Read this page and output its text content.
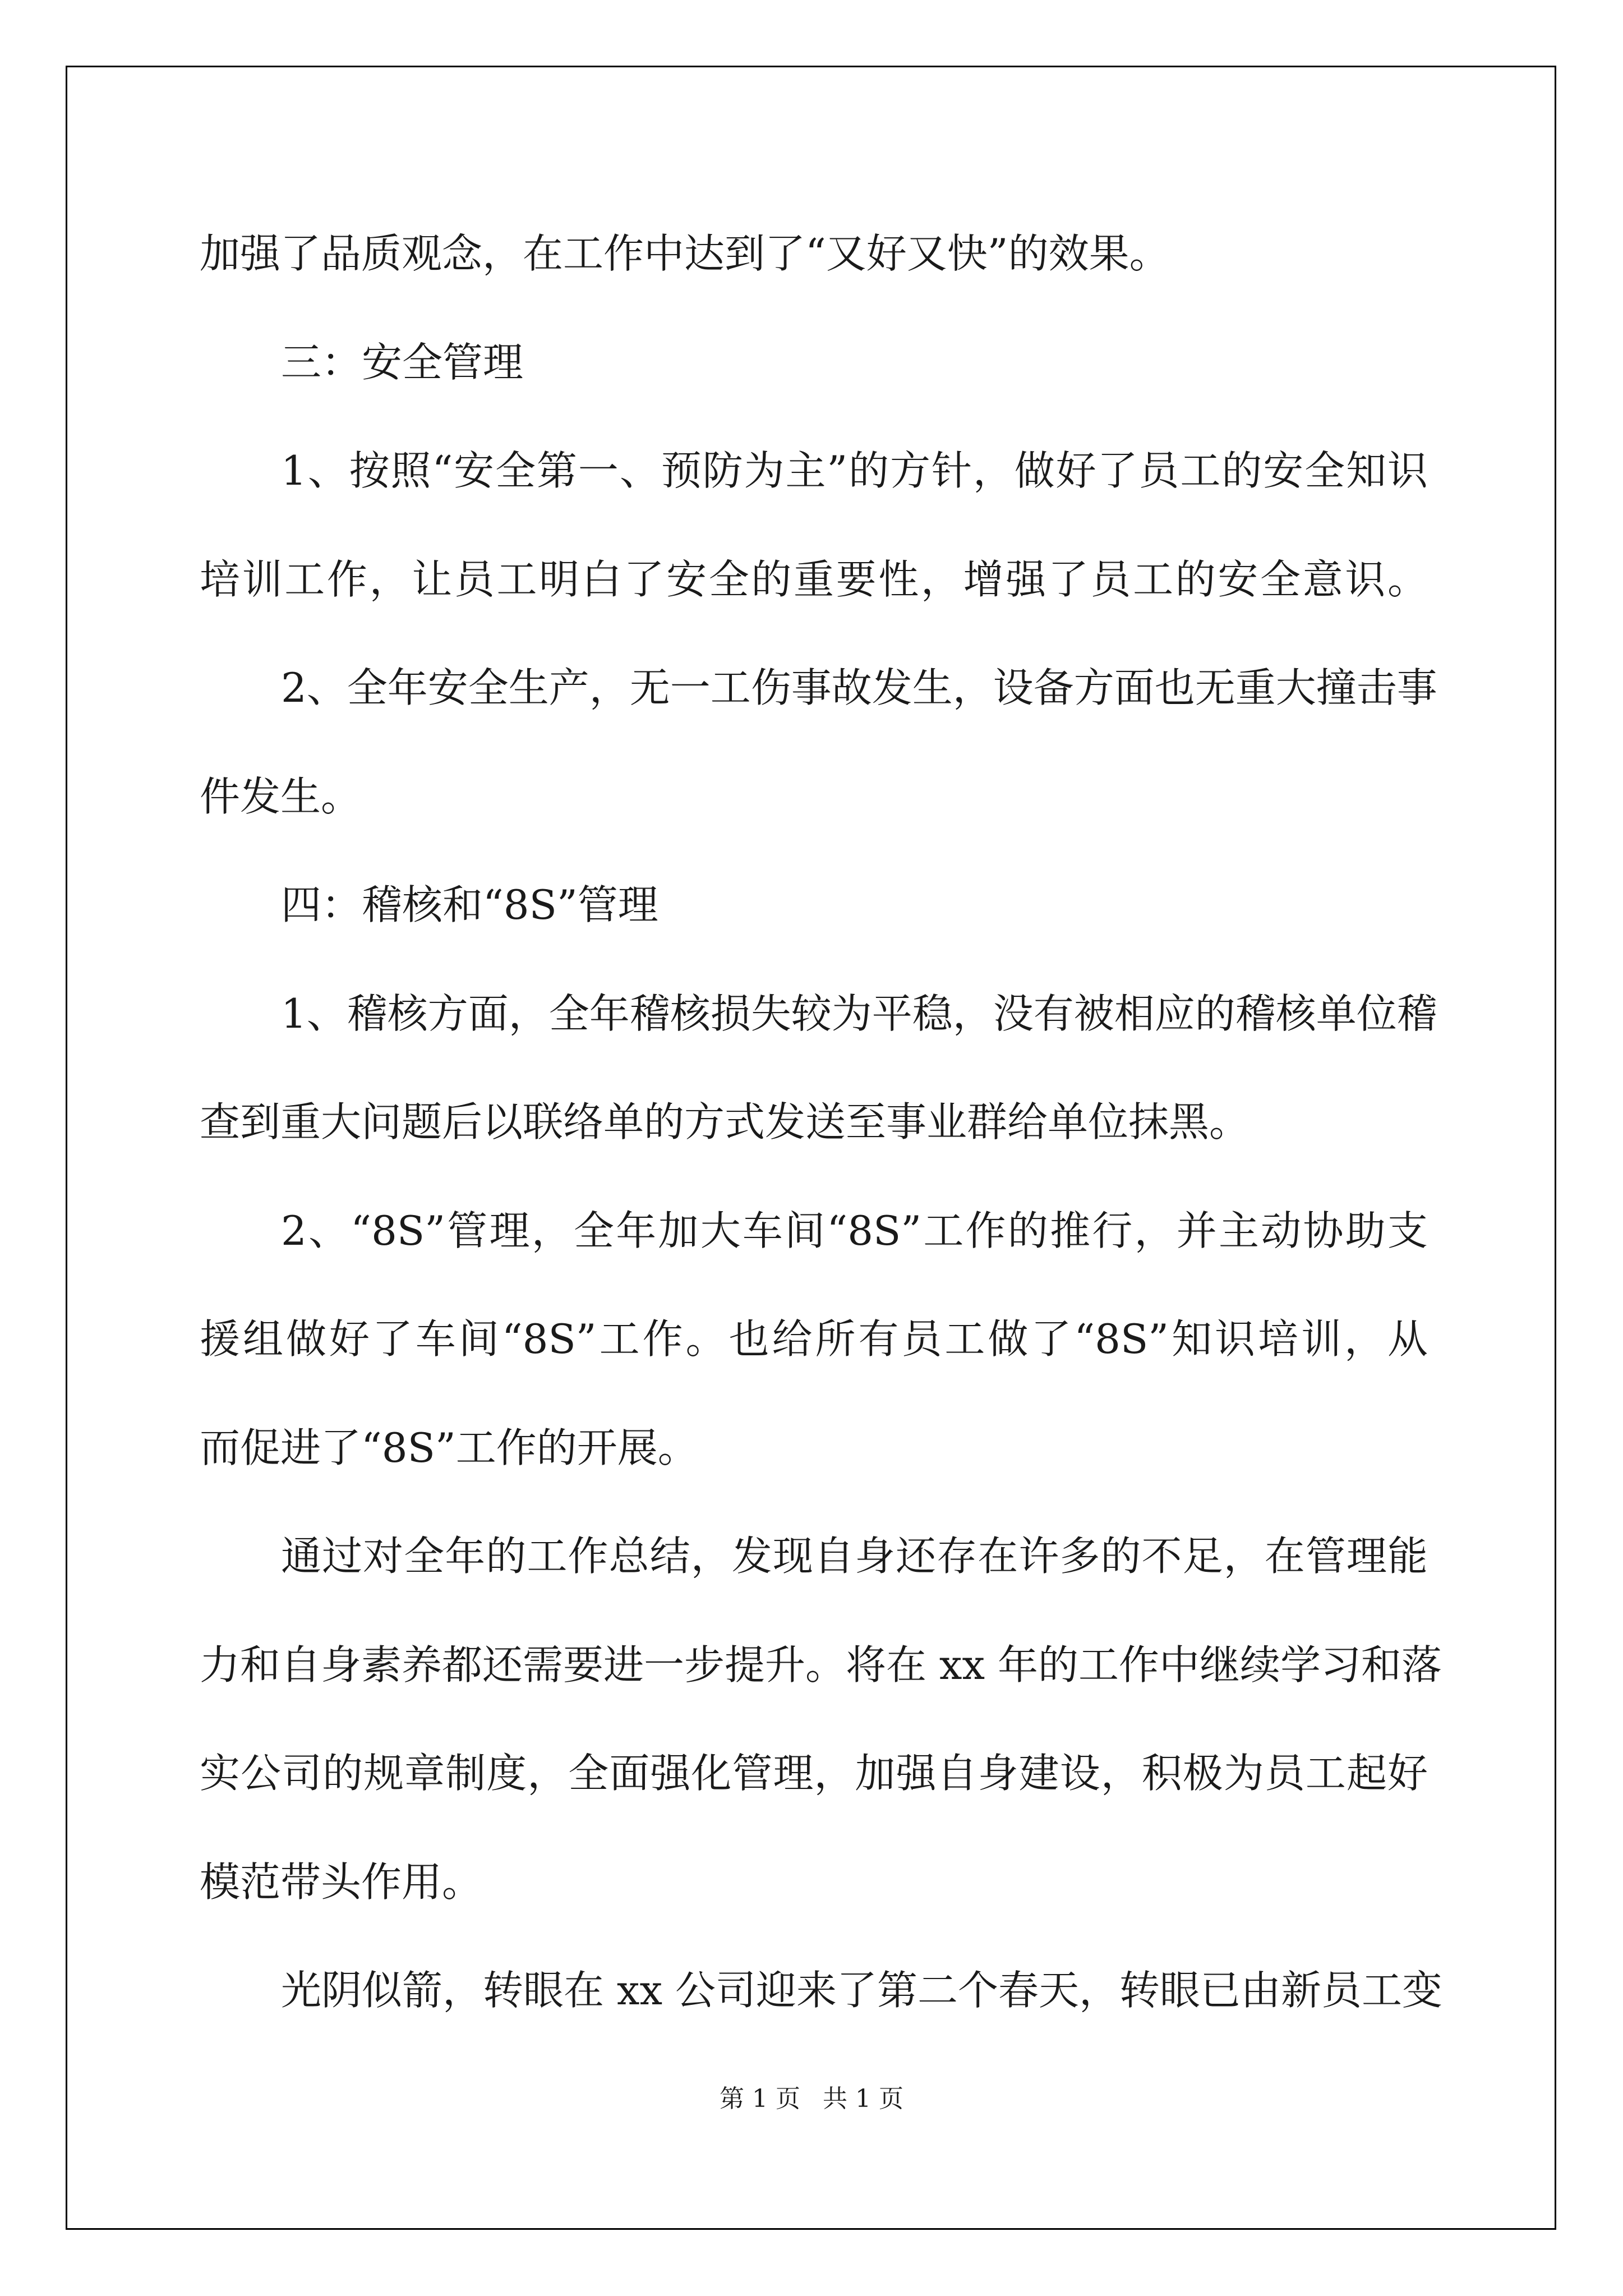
加强了品质观念，在工作中达到了“又好又快”的效果。
三：安全管理
1、按照“安全第一、预防为主”的方针，做好了员工的安全知识
培训工作，让员工明白了安全的重要性，增强了员工的安全意识。
2、全年安全生产，无一工伤事故发生，设备方面也无重大撞击事
件发生。
四：稽核和“8S”管理
1、稽核方面，全年稽核损失较为平稳，没有被相应的稽核单位稽
查到重大问题后以联络单的方式发送至事业群给单位抹黑。
2、“8S”管理，全年加大车间“8S”工作的推行，并主动协助支
援组做好了车间“8S”工作。也给所有员工做了“8S”知识培训，从
而促进了“8S”工作的开展。
通过对全年的工作总结，发现自身还存在许多的不足，在管理能
力和自身素养都还需要进一步提升。将在 xx 年的工作中继续学习和落
实公司的规章制度，全面强化管理，加强自身建设，积极为员工起好
模范带头作用。
光阴似箭，转眼在 xx 公司迎来了第二个春天，转眼已由新员工变
第 1 页 共 1 页
